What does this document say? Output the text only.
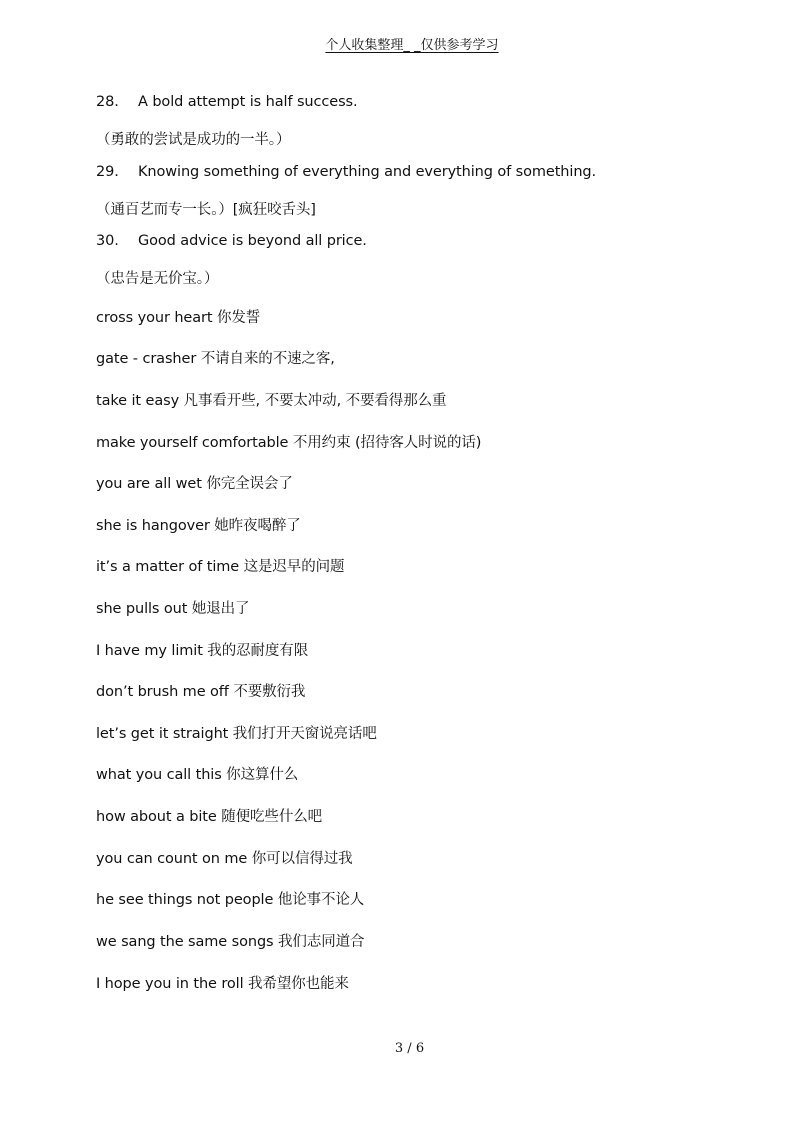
个人收集整理_ _仅供参考学习
28. A bold attempt is half success.
（勇敢的尝试是成功的一半。）
29. Knowing something of everything and everything of something.
（通百艺而专一长。）[疯狂咬舌头]
30. Good advice is beyond all price.
（忠告是无价宝。）
cross your heart 你发誓
gate - crasher 不请自来的不速之客,
take it easy 凡事看开些, 不要太冲动, 不要看得那么重
make yourself comfortable 不用约束 (招待客人时说的话)
you are all wet 你完全误会了
she is hangover 她昨夜喝醉了
it’s a matter of time 这是迟早的问题
she pulls out 她退出了
I have my limit 我的忍耐度有限
don’t brush me off 不要敷衍我
let’s get it straight 我们打开天窗说亮话吧
what you call this 你这算什么
how about a bite 随便吃些什么吧
you can count on me 你可以信得过我
he see things not people 他论事不论人
we sang the same songs 我们志同道合
I hope you in the roll 我希望你也能来
3 / 6
